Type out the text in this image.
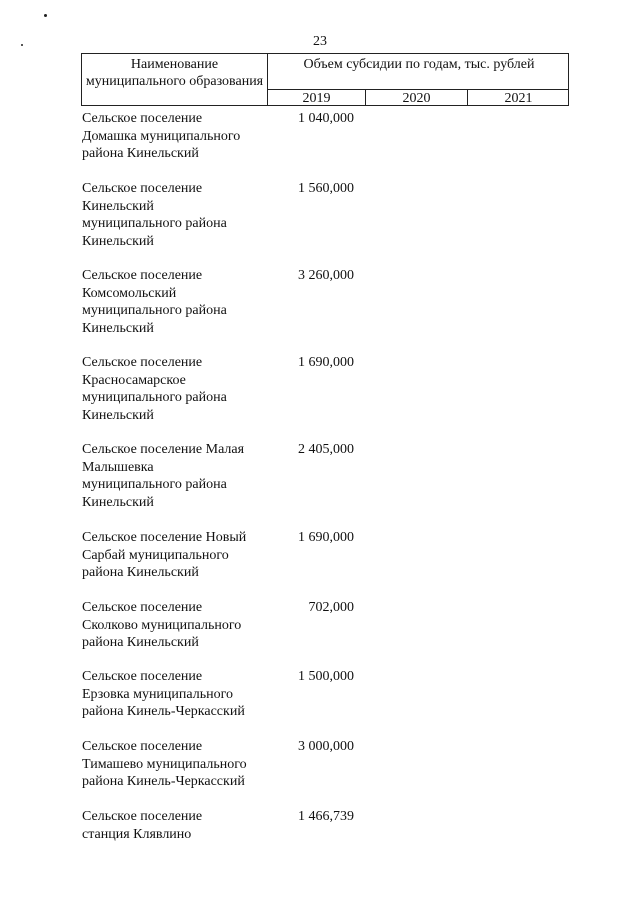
23
Наименование муниципального образования
Объем субсидии по годам, тыс. рублей
2019	2020	2021
Сельское поселение
Домашка муниципального
района Кинельский
1 040,000
Сельское поселение
Кинельский
муниципального района
Кинельский
1 560,000
Сельское поселение
Комсомольский
муниципального района
Кинельский
3 260,000
Сельское поселение
Красносамарское
муниципального района
Кинельский
1 690,000
Сельское поселение Малая
Малышевка
муниципального района
Кинельский
2 405,000
Сельское поселение Новый
Сарбай муниципального
района Кинельский
1 690,000
Сельское поселение
Сколково муниципального
района Кинельский
702,000
Сельское поселение
Ерзовка муниципального
района Кинель-Черкасский
1 500,000
Сельское поселение
Тимашево муниципального
района Кинель-Черкасский
3 000,000
Сельское поселение
станция Клявлино
1 466,739
